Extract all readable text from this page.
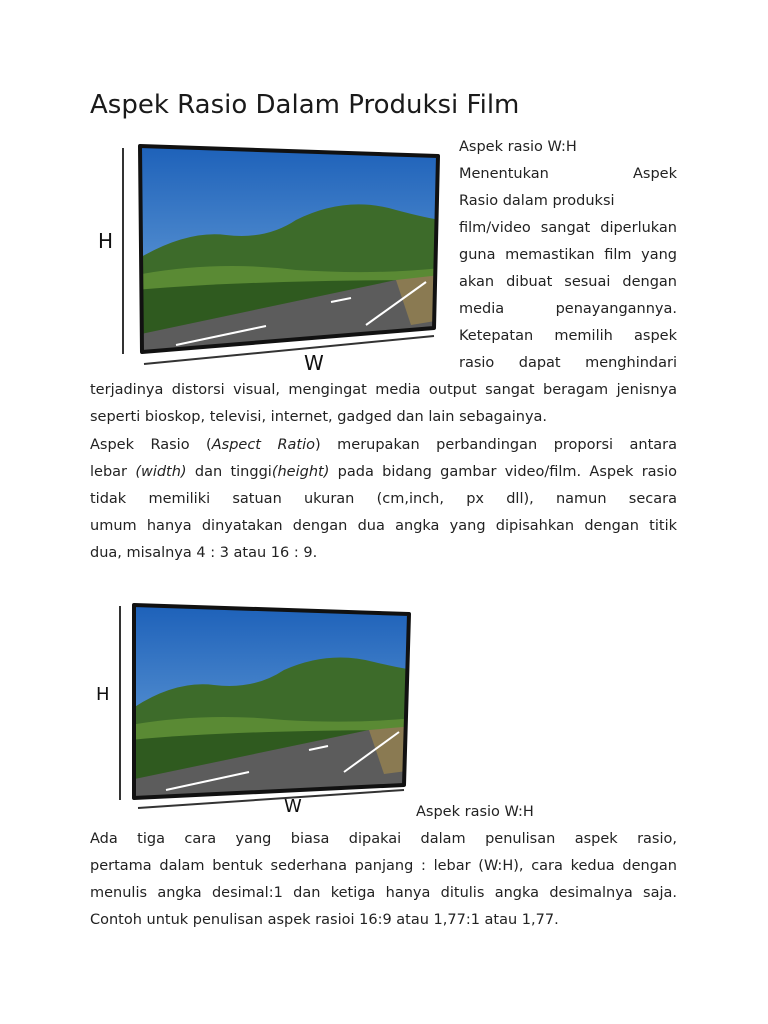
Aspek Rasio Dalam Produksi Film
H
W
Aspek rasio W:H
Menentukan Aspek
Rasio dalam produksi
film/video sangat diperlukan
guna memastikan film yang
akan dibuat sesuai dengan
media penayangannya.
Ketepatan memilih aspek
rasio dapat menghindari
terjadinya distorsi visual, mengingat media output sangat beragam jenisnya
seperti bioskop, televisi, internet, gadged dan lain sebagainya.
Aspek Rasio (Aspect Ratio) merupakan perbandingan proporsi antara
lebar (width) dan tinggi(height) pada bidang gambar video/film. Aspek rasio
tidak memiliki satuan ukuran (cm,inch, px dll), namun secara
umum hanya dinyatakan dengan dua angka yang dipisahkan dengan titik
dua, misalnya 4 : 3 atau 16 : 9.
H
W	Aspek rasio W:H
Ada tiga cara yang biasa dipakai dalam penulisan aspek rasio,
pertama dalam bentuk sederhana panjang : lebar (W:H), cara kedua dengan
menulis angka desimal:1 dan ketiga hanya ditulis angka desimalnya saja.
Contoh untuk penulisan aspek rasioi 16:9 atau 1,77:1 atau 1,77.
